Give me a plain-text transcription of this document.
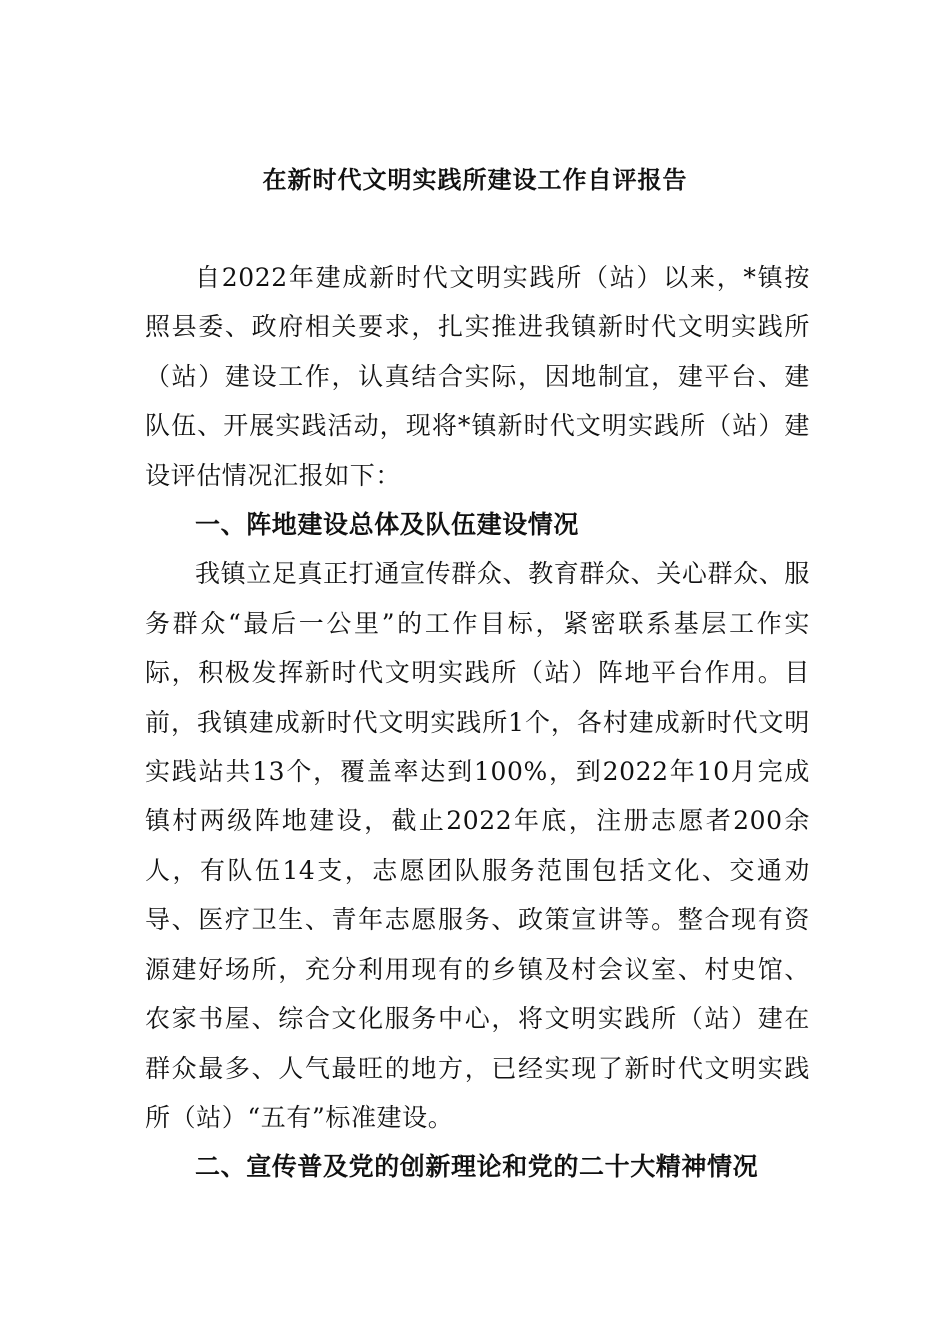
在新时代文明实践所建设工作自评报告

自2022年建成新时代文明实践所（站）以来，*镇按照县委、政府相关要求，扎实推进我镇新时代文明实践所（站）建设工作，认真结合实际，因地制宜，建平台、建队伍、开展实践活动，现将*镇新时代文明实践所（站）建设评估情况汇报如下：

一、阵地建设总体及队伍建设情况

我镇立足真正打通宣传群众、教育群众、关心群众、服务群众“最后一公里”的工作目标，紧密联系基层工作实际，积极发挥新时代文明实践所（站）阵地平台作用。目前，我镇建成新时代文明实践所1个，各村建成新时代文明实践站共13个，覆盖率达到100%，到2022年10月完成镇村两级阵地建设，截止2022年底，注册志愿者200余人，有队伍14支，志愿团队服务范围包括文化、交通劝导、医疗卫生、青年志愿服务、政策宣讲等。整合现有资源建好场所，充分利用现有的乡镇及村会议室、村史馆、农家书屋、综合文化服务中心，将文明实践所（站）建在群众最多、人气最旺的地方，已经实现了新时代文明实践所（站）“五有”标准建设。

二、宣传普及党的创新理论和党的二十大精神情况
